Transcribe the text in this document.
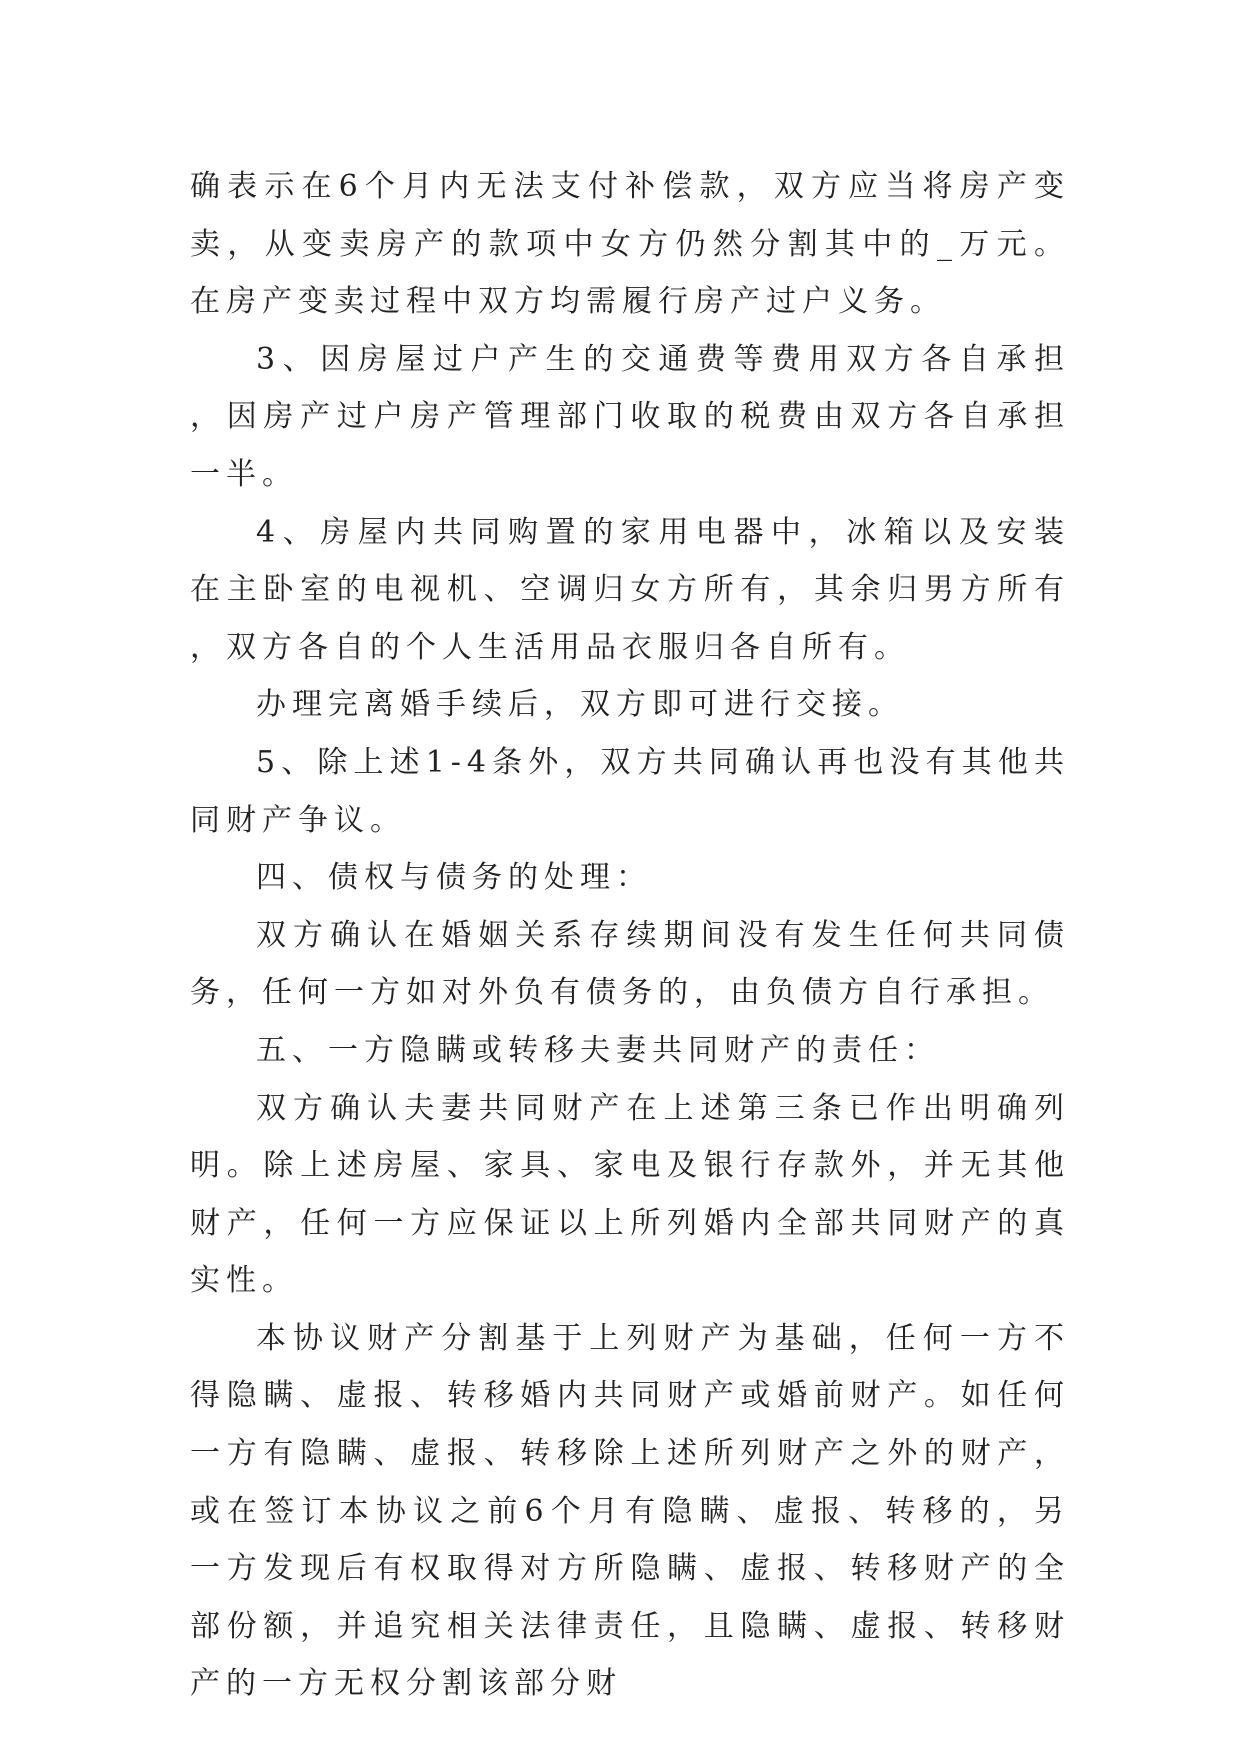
确表示在6个月内无法支付补偿款，双方应当将房产变卖，从变卖房产的款项中女方仍然分割其中的_万元。在房产变卖过程中双方均需履行房产过户义务。

3、因房屋过户产生的交通费等费用双方各自承担，因房产过户房产管理部门收取的税费由双方各自承担一半。

4、房屋内共同购置的家用电器中，冰箱以及安装在主卧室的电视机、空调归女方所有，其余归男方所有，双方各自的个人生活用品衣服归各自所有。

办理完离婚手续后，双方即可进行交接。

5、除上述1-4条外，双方共同确认再也没有其他共同财产争议。

四、债权与债务的处理：

双方确认在婚姻关系存续期间没有发生任何共同债务，任何一方如对外负有债务的，由负债方自行承担。

五、一方隐瞒或转移夫妻共同财产的责任：

双方确认夫妻共同财产在上述第三条已作出明确列明。除上述房屋、家具、家电及银行存款外，并无其他财产，任何一方应保证以上所列婚内全部共同财产的真实性。

本协议财产分割基于上列财产为基础，任何一方不得隐瞒、虚报、转移婚内共同财产或婚前财产。如任何一方有隐瞒、虚报、转移除上述所列财产之外的财产，或在签订本协议之前6个月有隐瞒、虚报、转移的，另一方发现后有权取得对方所隐瞒、虚报、转移财产的全部份额，并追究相关法律责任，且隐瞒、虚报、转移财产的一方无权分割该部分财
